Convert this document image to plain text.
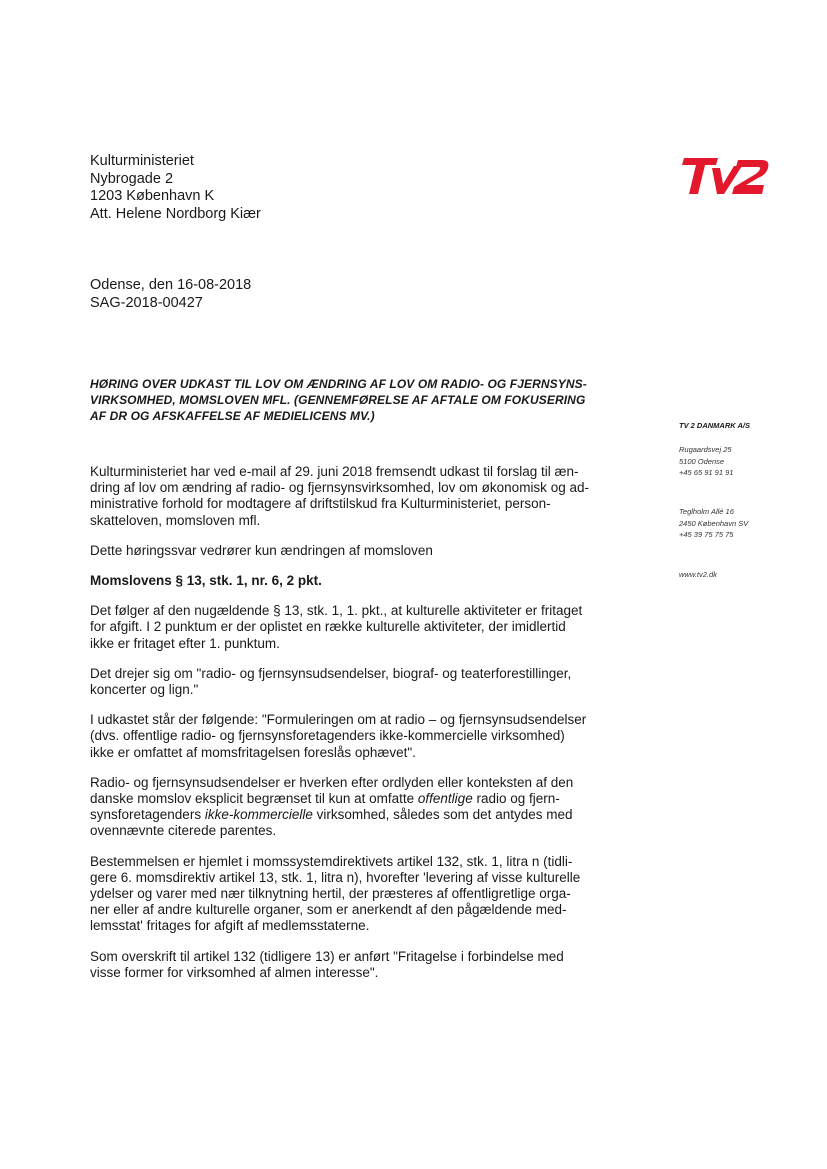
Kulturministeriet
Nybrogade 2
1203 København K
Att. Helene Nordborg Kiær
Odense, den 16-08-2018
SAG-2018-00427
HØRING OVER UDKAST TIL LOV OM ÆNDRING AF LOV OM RADIO- OG FJERNSYNS-
VIRKSOMHED, MOMSLOVEN MFL. (GENNEMFØRELSE AF AFTALE OM FOKUSERING
AF DR OG AFSKAFFELSE AF MEDIELICENS MV.)
TV 2 DANMARK A/S
Rugaardsvej 25
5100 Odense
+45 65 91 91 91
Teglholm Allé 16
2450 København SV
+45 39 75 75 75
www.tv2.dk

Kulturministeriet har ved e-mail af 29. juni 2018 fremsendt udkast til forslag til æn-
dring af lov om ændring af radio- og fjernsynsvirksomhed, lov om økonomisk og ad-
ministrative forhold for modtagere af driftstilskud fra Kulturministeriet, person-
skatteloven, momsloven mfl.

Dette høringssvar vedrører kun ændringen af momsloven

Momslovens § 13, stk. 1, nr. 6, 2 pkt.

Det følger af den nugældende § 13, stk. 1, 1. pkt., at kulturelle aktiviteter er fritaget
for afgift. I 2 punktum er der oplistet en række kulturelle aktiviteter, der imidlertid
ikke er fritaget efter 1. punktum.

Det drejer sig om "radio- og fjernsynsudsendelser, biograf- og teaterforestillinger,
koncerter og lign."

I udkastet står der følgende: "Formuleringen om at radio – og fjernsynsudsendelser
(dvs. offentlige radio- og fjernsynsforetagenders ikke-kommercielle virksomhed)
ikke er omfattet af momsfritagelsen foreslås ophævet".

Radio- og fjernsynsudsendelser er hverken efter ordlyden eller konteksten af den
danske momslov eksplicit begrænset til kun at omfatte offentlige radio og fjern-
synsforetagenders ikke-kommercielle virksomhed, således som det antydes med
ovennævnte citerede parentes.

Bestemmelsen er hjemlet i momssystemdirektivets artikel 132, stk. 1, litra n (tidli-
gere 6. momsdirektiv artikel 13, stk. 1, litra n), hvorefter 'levering af visse kulturelle
ydelser og varer med nær tilknytning hertil, der præsteres af offentligretlige orga-
ner eller af andre kulturelle organer, som er anerkendt af den pågældende med-
lemsstat' fritages for afgift af medlemsstaterne.

Som overskrift til artikel 132 (tidligere 13) er anført "Fritagelse i forbindelse med
visse former for virksomhed af almen interesse".
